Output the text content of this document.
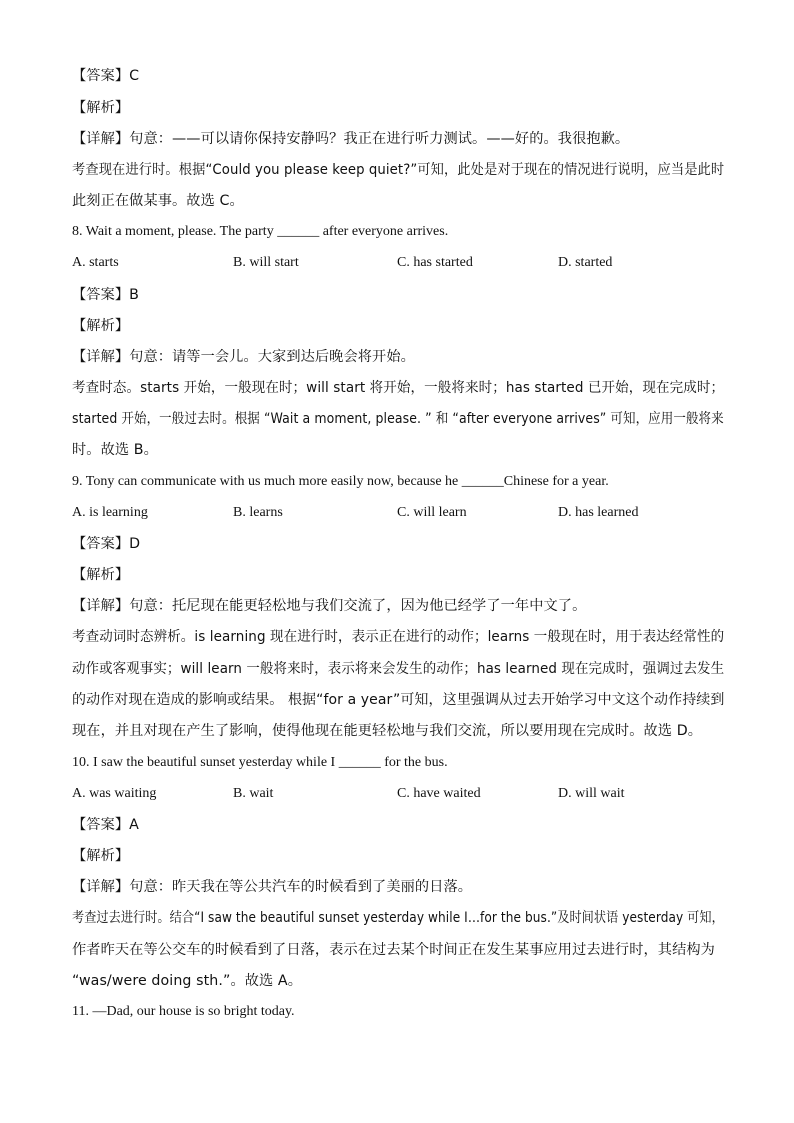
【答案】C
【解析】
【详解】句意：——可以请你保持安静吗？我正在进行听力测试。——好的。我很抱歉。
考查现在进行时。根据“Could you please keep quiet?”可知，此处是对于现在的情况进行说明，应当是此时
此刻正在做某事。故选 C。
8. Wait a moment, please. The party ______ after everyone arrives.
A. starts	B. will start	C. has started	D. started
【答案】B
【解析】
【详解】句意：请等一会儿。大家到达后晚会将开始。
考查时态。starts 开始，一般现在时；will start 将开始，一般将来时；has started 已开始，现在完成时；
started 开始，一般过去时。根据 “Wait a moment, please. ” 和 “after everyone arrives” 可知，应用一般将来
时。故选 B。
9. Tony can communicate with us much more easily now, because he ______Chinese for a year.
A. is learning	B. learns	C. will learn	D. has learned
【答案】D
【解析】
【详解】句意：托尼现在能更轻松地与我们交流了，因为他已经学了一年中文了。
考查动词时态辨析。is learning 现在进行时，表示正在进行的动作；learns 一般现在时，用于表达经常性的
动作或客观事实；will learn 一般将来时，表示将来会发生的动作；has learned 现在完成时，强调过去发生
的动作对现在造成的影响或结果。 根据“for a year”可知，这里强调从过去开始学习中文这个动作持续到
现在，并且对现在产生了影响，使得他现在能更轻松地与我们交流，所以要用现在完成时。故选 D。
10. I saw the beautiful sunset yesterday while I ______ for the bus.
A. was waiting	B. wait	C. have waited	D. will wait
【答案】A
【解析】
【详解】句意：昨天我在等公共汽车的时候看到了美丽的日落。
考查过去进行时。结合“I saw the beautiful sunset yesterday while I…for the bus.”及时间状语 yesterday 可知，
作者昨天在等公交车的时候看到了日落，表示在过去某个时间正在发生某事应用过去进行时，其结构为
“was/were doing sth.”。故选 A。
11. —Dad, our house is so bright today.
